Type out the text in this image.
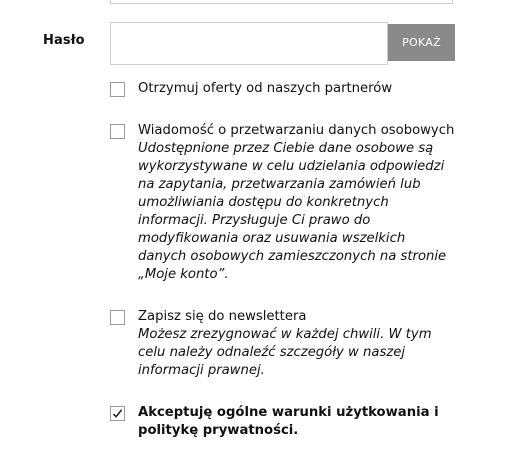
Hasło	POKAŻ
Otrzymuj oferty od naszych partnerów
Wiadomość o przetwarzaniu danych osobowych
Udostępnione przez Ciebie dane osobowe są wykorzystywane w celu udzielania odpowiedzi na zapytania, przetwarzania zamówień lub umożliwiania dostępu do konkretnych informacji. Przysługuje Ci prawo do modyfikowania oraz usuwania wszelkich danych osobowych zamieszczonych na stronie „Moje konto”.
Zapisz się do newslettera
Możesz zrezygnować w każdej chwili. W tym celu należy odnaleźć szczegóły w naszej informacji prawnej.
Akceptuję ogólne warunki użytkowania i politykę prywatności.
